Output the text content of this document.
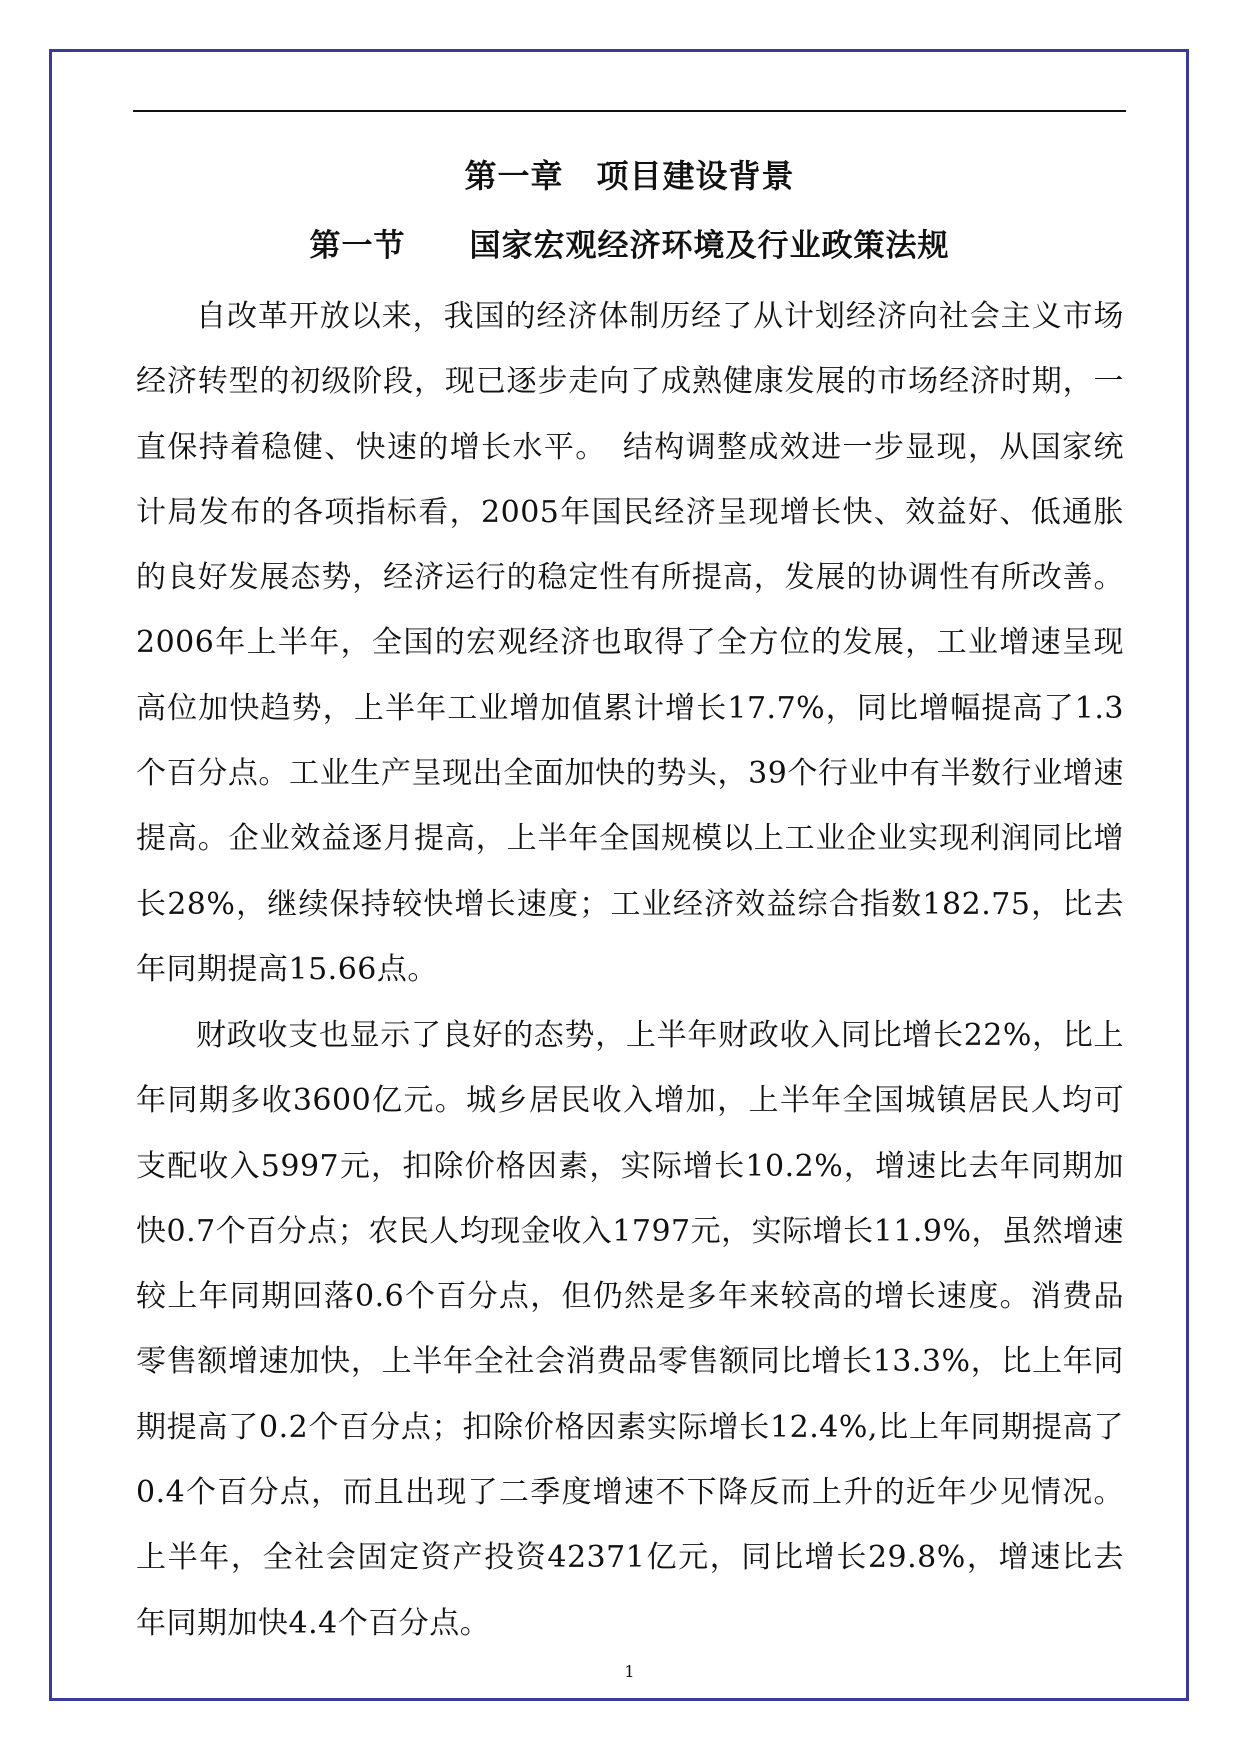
第一章　项目建设背景
第一节　　国家宏观经济环境及行业政策法规

自改革开放以来，我国的经济体制历经了从计划经济向社会主义市场经济转型的初级阶段，现已逐步走向了成熟健康发展的市场经济时期，一直保持着稳健、快速的增长水平。　结构调整成效进一步显现，从国家统计局发布的各项指标看，2005年国民经济呈现增长快、效益好、低通胀的良好发展态势，经济运行的稳定性有所提高，发展的协调性有所改善。2006年上半年，全国的宏观经济也取得了全方位的发展，工业增速呈现高位加快趋势，上半年工业增加值累计增长17.7%，同比增幅提高了1.3个百分点。工业生产呈现出全面加快的势头，39个行业中有半数行业增速提高。企业效益逐月提高，上半年全国规模以上工业企业实现利润同比增长28%，继续保持较快增长速度；工业经济效益综合指数182.75，比去年同期提高15.66点。

财政收支也显示了良好的态势，上半年财政收入同比增长22%，比上年同期多收3600亿元。城乡居民收入增加，上半年全国城镇居民人均可支配收入5997元，扣除价格因素，实际增长10.2%，增速比去年同期加快0.7个百分点；农民人均现金收入1797元，实际增长11.9%，虽然增速较上年同期回落0.6个百分点，但仍然是多年来较高的增长速度。消费品零售额增速加快，上半年全社会消费品零售额同比增长13.3%，比上年同期提高了0.2个百分点；扣除价格因素实际增长12.4%,比上年同期提高了0.4个百分点，而且出现了二季度增速不下降反而上升的近年少见情况。上半年，全社会固定资产投资42371亿元，同比增长29.8%，增速比去年同期加快4.4个百分点。

1
